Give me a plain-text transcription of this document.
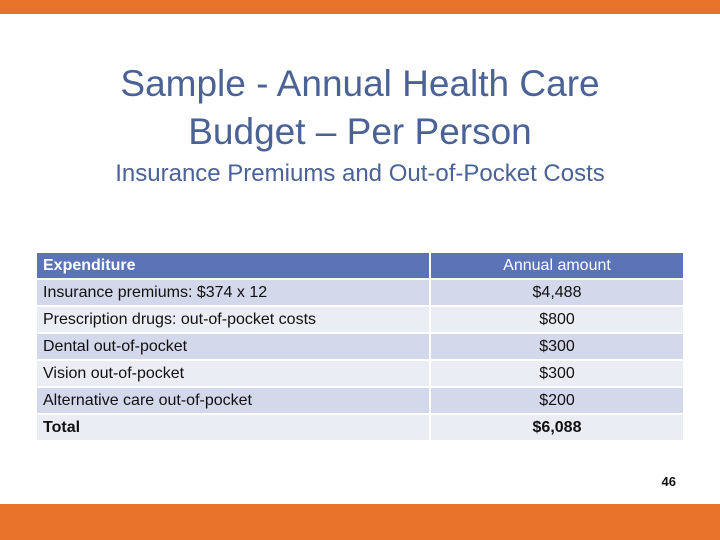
Sample - Annual Health Care
Budget – Per Person
Insurance Premiums and Out-of-Pocket Costs
Expenditure	Annual amount
Insurance premiums: $374 x 12	$4,488
Prescription drugs: out-of-pocket costs	$800
Dental out-of-pocket	$300
Vision out-of-pocket	$300
Alternative care out-of-pocket	$200
Total	$6,088
46
